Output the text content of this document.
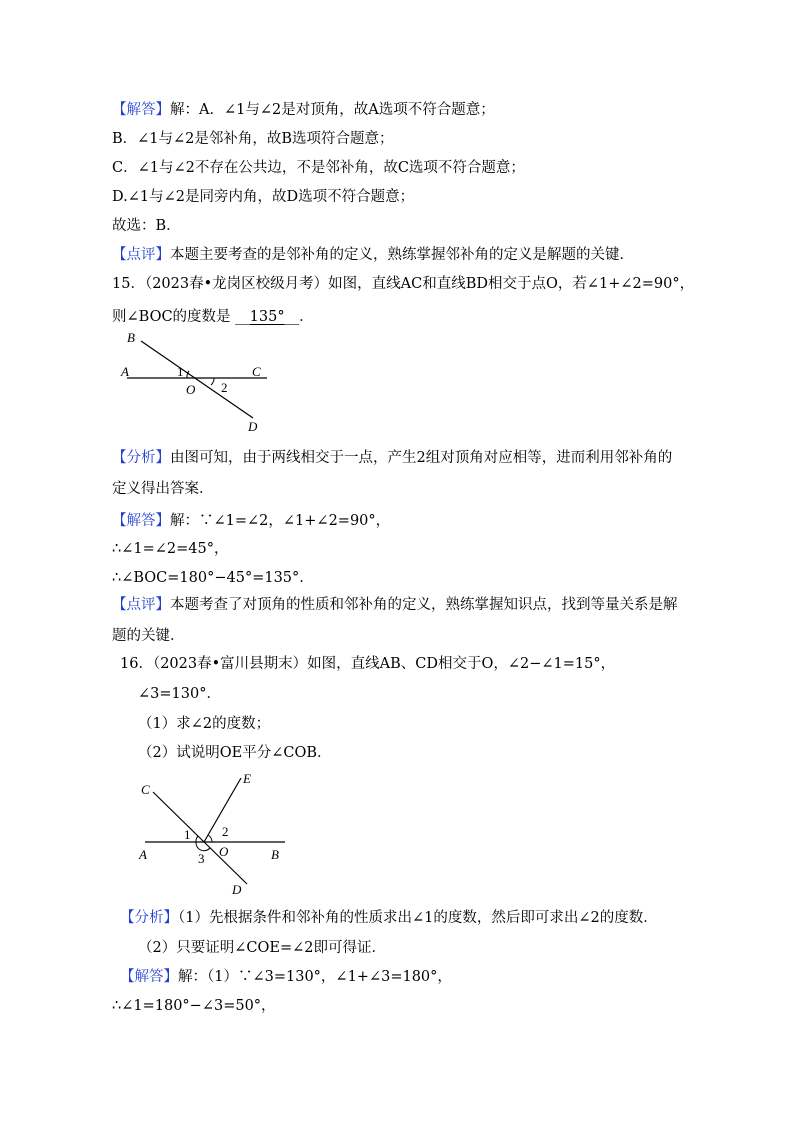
【解答】解：A．∠1与∠2是对顶角，故A选项不符合题意；
B．∠1与∠2是邻补角，故B选项符合题意；
C．∠1与∠2不存在公共边，不是邻补角，故C选项不符合题意；
D.∠1与∠2是同旁内角，故D选项不符合题意；
故选：B．
【点评】本题主要考查的是邻补角的定义，熟练掌握邻补角的定义是解题的关键．
15．（2023春•龙岗区校级月考）如图，直线AC和直线BD相交于点O，若∠1+∠2=90°，
则∠BOC的度数是 __135°__．
B
A	C
O
D
1
2
【分析】由图可知，由于两线相交于一点，产生2组对顶角对应相等，进而利用邻补角的
定义得出答案．
【解答】解：∵∠1=∠2，∠1+∠2=90°，
∴∠1=∠2=45°，
∴∠BOC=180°−45°=135°．
【点评】本题考查了对顶角的性质和邻补角的定义，熟练掌握知识点，找到等量关系是解
题的关键．
16．（2023春•富川县期末）如图，直线AB、CD相交于O，∠2−∠1=15°，
∠3=130°．
（1）求∠2的度数；
（2）试说明OE平分∠COB．
C
E
A	O	B
D
1 2
3
【分析】（1）先根据条件和邻补角的性质求出∠1的度数，然后即可求出∠2的度数．
（2）只要证明∠COE=∠2即可得证．
【解答】解：（1）∵∠3=130°，∠1+∠3=180°，
∴∠1=180°−∠3=50°，
